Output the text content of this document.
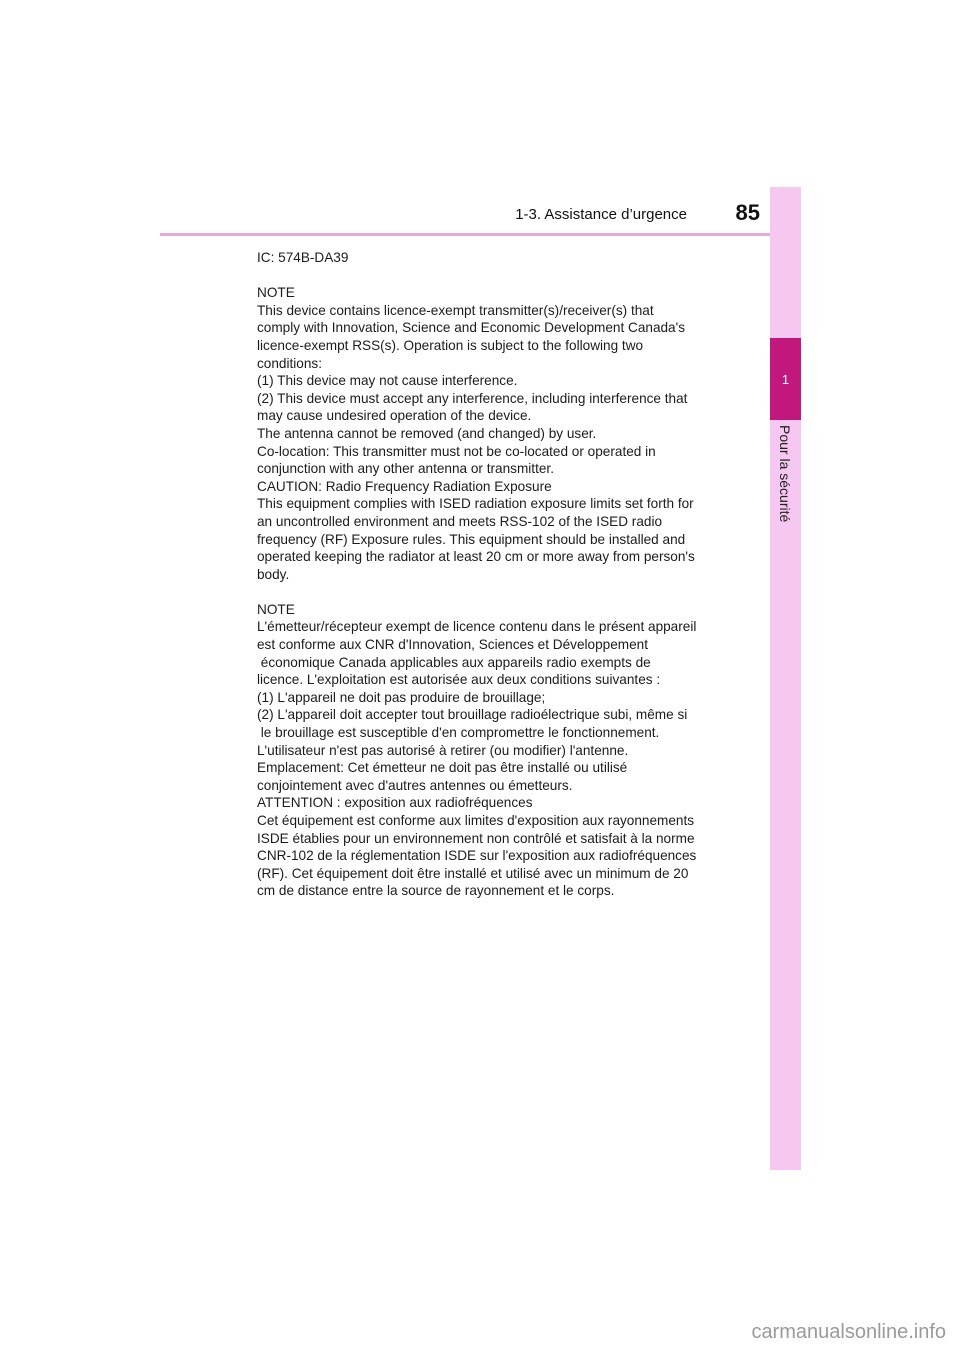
1-3. Assistance d’urgence	85
1
Pour la sécurité
IC: 574B-DA39
NOTE
This device contains licence-exempt transmitter(s)/receiver(s) that
comply with Innovation, Science and Economic Development Canada's
licence-exempt RSS(s). Operation is subject to the following two
conditions:
(1) This device may not cause interference.
(2) This device must accept any interference, including interference that
may cause undesired operation of the device.
The antenna cannot be removed (and changed) by user.
Co-location: This transmitter must not be co-located or operated in
conjunction with any other antenna or transmitter.
CAUTION: Radio Frequency Radiation Exposure
This equipment complies with ISED radiation exposure limits set forth for
an uncontrolled environment and meets RSS-102 of the ISED radio
frequency (RF) Exposure rules. This equipment should be installed and
operated keeping the radiator at least 20 cm or more away from person's
body.
NOTE
L'émetteur/récepteur exempt de licence contenu dans le présent appareil
est conforme aux CNR d'Innovation, Sciences et Développement
économique Canada applicables aux appareils radio exempts de
licence. L'exploitation est autorisée aux deux conditions suivantes :
(1) L'appareil ne doit pas produire de brouillage;
(2) L'appareil doit accepter tout brouillage radioélectrique subi, même si
le brouillage est susceptible d'en compromettre le fonctionnement.
L'utilisateur n'est pas autorisé à retirer (ou modifier) l'antenne.
Emplacement: Cet émetteur ne doit pas être installé ou utilisé
conjointement avec d'autres antennes ou émetteurs.
ATTENTION : exposition aux radiofréquences
Cet équipement est conforme aux limites d'exposition aux rayonnements
ISDE établies pour un environnement non contrôlé et satisfait à la norme
CNR-102 de la réglementation ISDE sur l'exposition aux radiofréquences
(RF). Cet équipement doit être installé et utilisé avec un minimum de 20
cm de distance entre la source de rayonnement et le corps.
carmanualsonline.info
